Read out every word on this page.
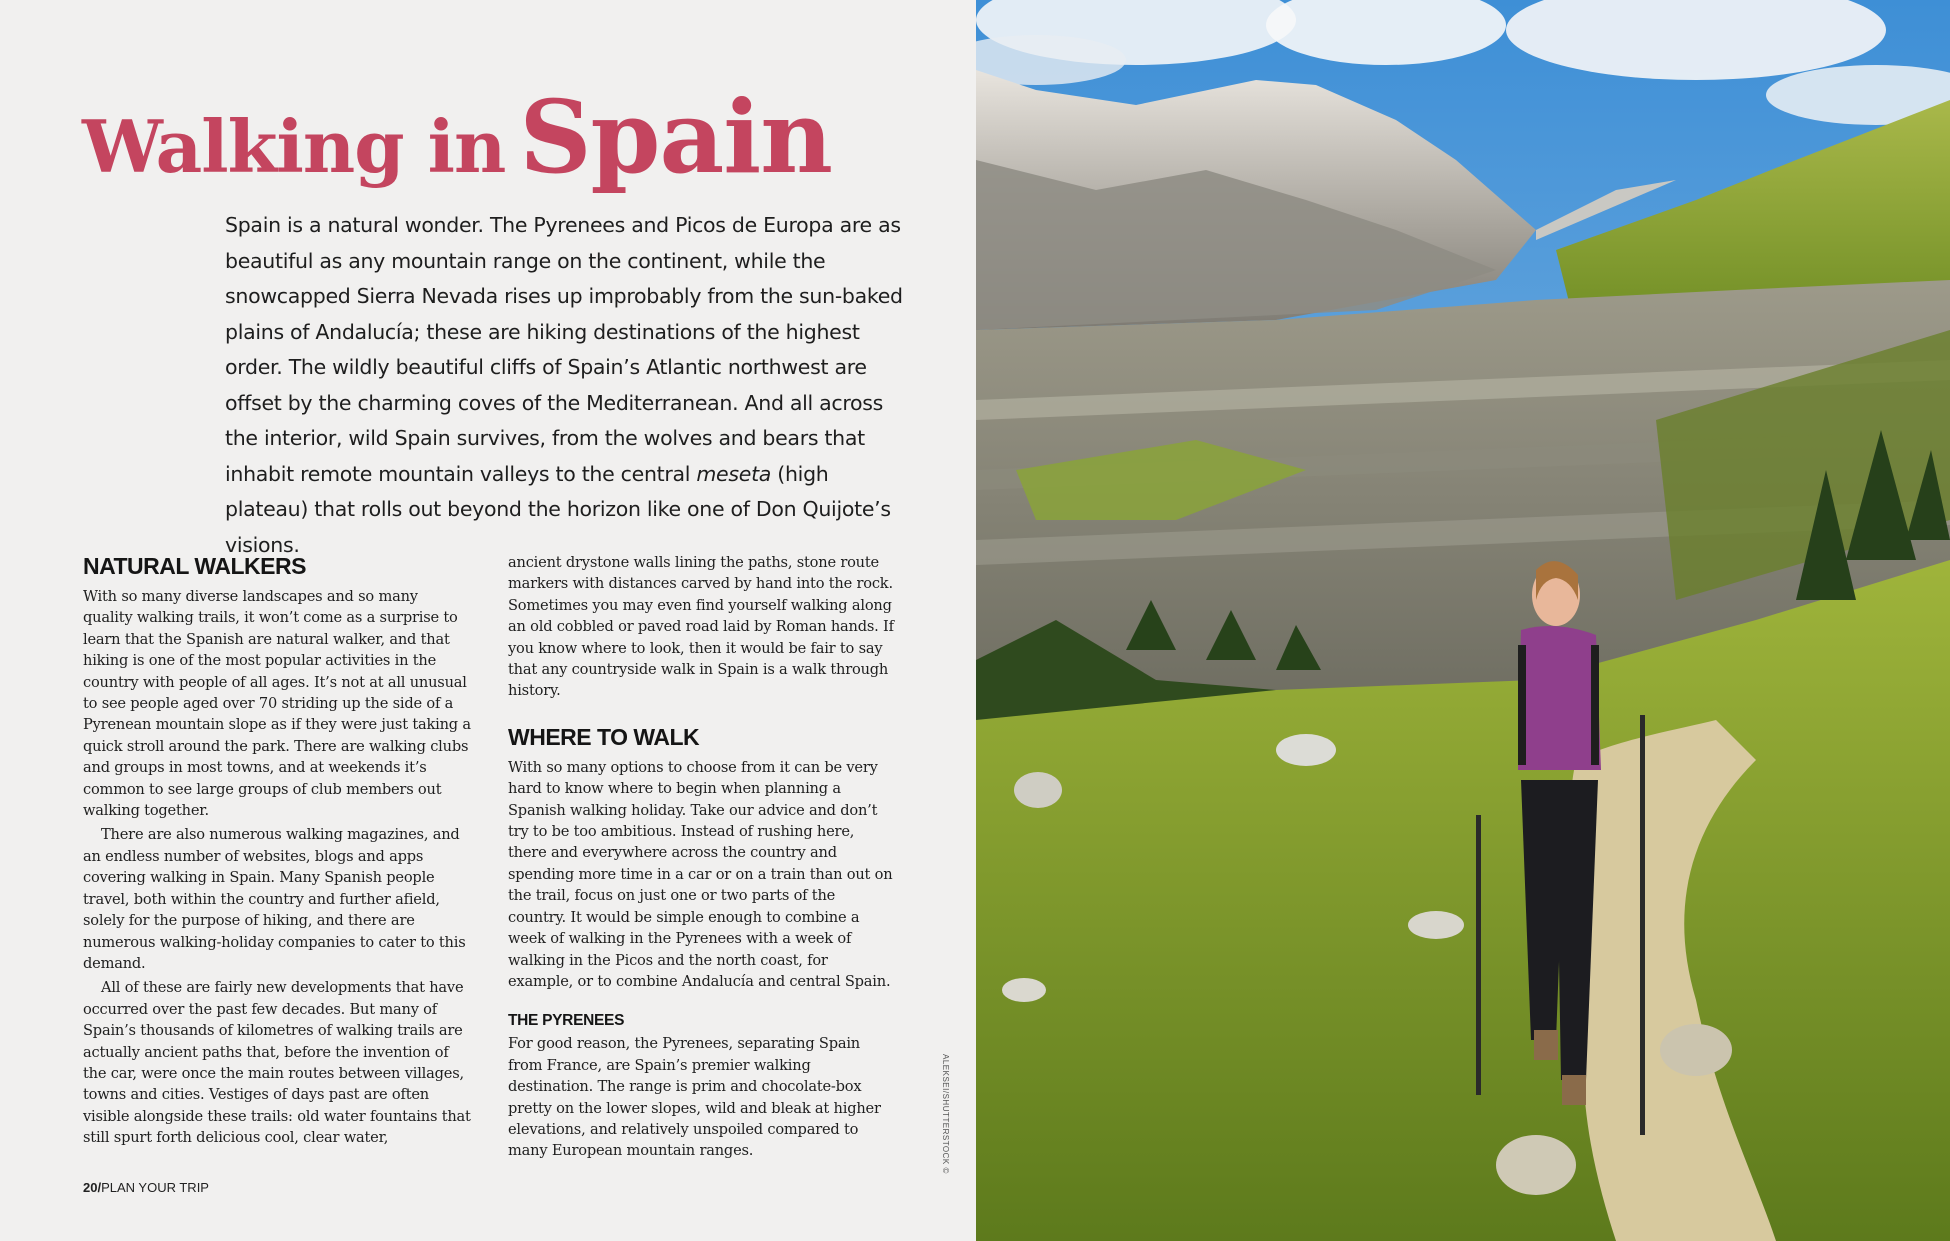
Walking in Spain

Spain is a natural wonder. The Pyrenees and Picos de Europa are as beautiful as any mountain range on the continent, while the snowcapped Sierra Nevada rises up improbably from the sun-baked plains of Andalucía; these are hiking destinations of the highest order. The wildly beautiful cliffs of Spain’s Atlantic northwest are offset by the charming coves of the Mediterranean. And all across the interior, wild Spain survives, from the wolves and bears that inhabit remote mountain valleys to the central meseta (high plateau) that rolls out beyond the horizon like one of Don Quijote’s visions.

NATURAL WALKERS

With so many diverse landscapes and so many quality walking trails, it won’t come as a surprise to learn that the Spanish are natural walker, and that hiking is one of the most popular activities in the country with people of all ages. It’s not at all unusual to see people aged over 70 striding up the side of a Pyrenean mountain slope as if they were just taking a quick stroll around the park. There are walking clubs and groups in most towns, and at weekends it’s common to see large groups of club members out walking together.

There are also numerous walking magazines, and an endless number of websites, blogs and apps covering walking in Spain. Many Spanish people travel, both within the country and further afield, solely for the purpose of hiking, and there are numerous walking-holiday companies to cater to this demand.

All of these are fairly new developments that have occurred over the past few decades. But many of Spain’s thousands of kilometres of walking trails are actually ancient paths that, before the invention of the car, were once the main routes between villages, towns and cities. Vestiges of days past are often visible alongside these trails: old water fountains that still spurt forth delicious cool, clear water,

ancient drystone walls lining the paths, stone route markers with distances carved by hand into the rock. Sometimes you may even find yourself walking along an old cobbled or paved road laid by Roman hands. If you know where to look, then it would be fair to say that any countryside walk in Spain is a walk through history.

WHERE TO WALK

With so many options to choose from it can be very hard to know where to begin when planning a Spanish walking holiday. Take our advice and don’t try to be too ambitious. Instead of rushing here, there and everywhere across the country and spending more time in a car or on a train than out on the trail, focus on just one or two parts of the country. It would be simple enough to combine a week of walking in the Pyrenees with a week of walking in the Picos and the north coast, for example, or to combine Andalucía and central Spain.

THE PYRENEES

For good reason, the Pyrenees, separating Spain from France, are Spain’s premier walking destination. The range is prim and chocolate-box pretty on the lower slopes, wild and bleak at higher elevations, and relatively unspoiled compared to many European mountain ranges.

20/PLAN YOUR TRIP
ALEKSEI/SHUTTERSTOCK ©
